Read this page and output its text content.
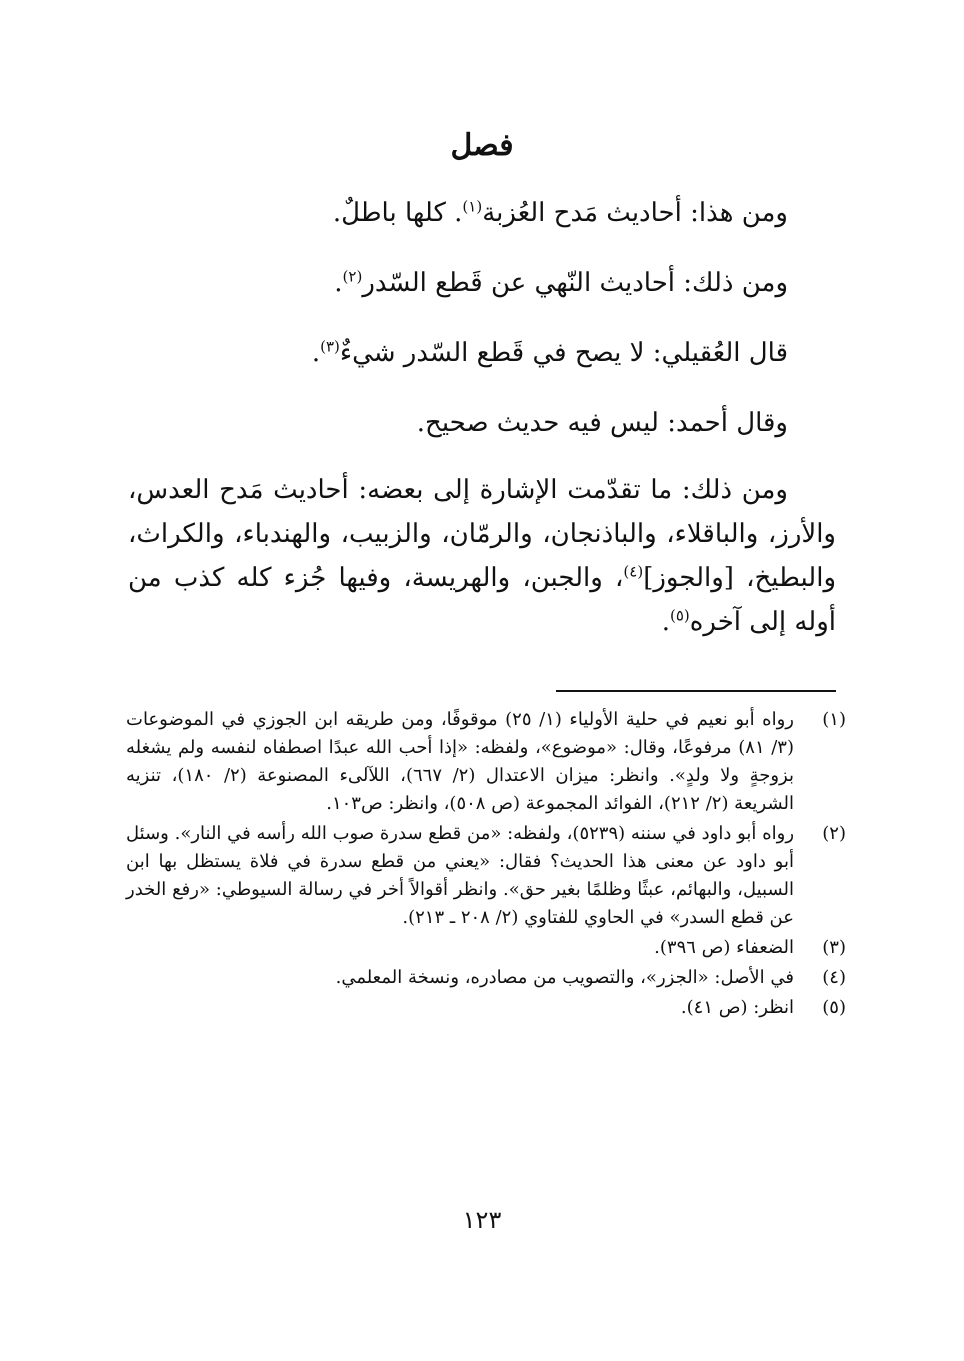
فصل

ومن هذا: أحاديث مَدح العُزبة$^{(١)}$. كلها باطلٌ.

ومن ذلك: أحاديث النّهي عن قَطع السّدر$^{(٢)}$.

قال العُقيلي: لا يصح في قَطع السّدر شيءٌ$^{(٣)}$.

وقال أحمد: ليس فيه حديث صحيح.

ومن ذلك: ما تقدّمت الإشارة إلى بعضه: أحاديث مَدح العدس، والأرز، والباقلاء، والباذنجان، والرمّان، والزبيب، والهندباء، والكراث، والبطيخ، [والجوز]$^{(٤)}$، والجبن، والهريسة، وفيها جُزء كله كذب من أوله إلى آخره$^{(٥)}$.

(١)
رواه أبو نعيم في حلية الأولياء (١/ ٢٥) موقوفًا، ومن طريقه ابن الجوزي في الموضوعات (٣/ ٨١) مرفوعًا، وقال: «موضوع»، ولفظه: «إذا أحب الله عبدًا اصطفاه لنفسه ولم يشغله بزوجةٍ ولا ولدٍ». وانظر: ميزان الاعتدال (٢/ ٦٦٧)، اللآلىء المصنوعة (٢/ ١٨٠)، تنزيه الشريعة (٢/ ٢١٢)، الفوائد المجموعة (ص ٥٠٨)، وانظر: ص١٠٣.
(٢)
رواه أبو داود في سننه (٥٢٣٩)، ولفظه: «من قطع سدرة صوب الله رأسه في النار». وسئل أبو داود عن معنى هذا الحديث؟ فقال: «يعني من قطع سدرة في فلاة يستظل بها ابن السبيل، والبهائم، عبثًا وظلمًا بغير حق». وانظر أقوالاً أخر في رسالة السيوطي: «رفع الخدر عن قطع السدر» في الحاوي للفتاوي (٢/ ٢٠٨ ـ ٢١٣).
(٣)
الضعفاء (ص ٣٩٦).
(٤)
في الأصل: «الجزر»، والتصويب من مصادره، ونسخة المعلمي.
(٥)
انظر: (ص ٤١).
١٢٣
